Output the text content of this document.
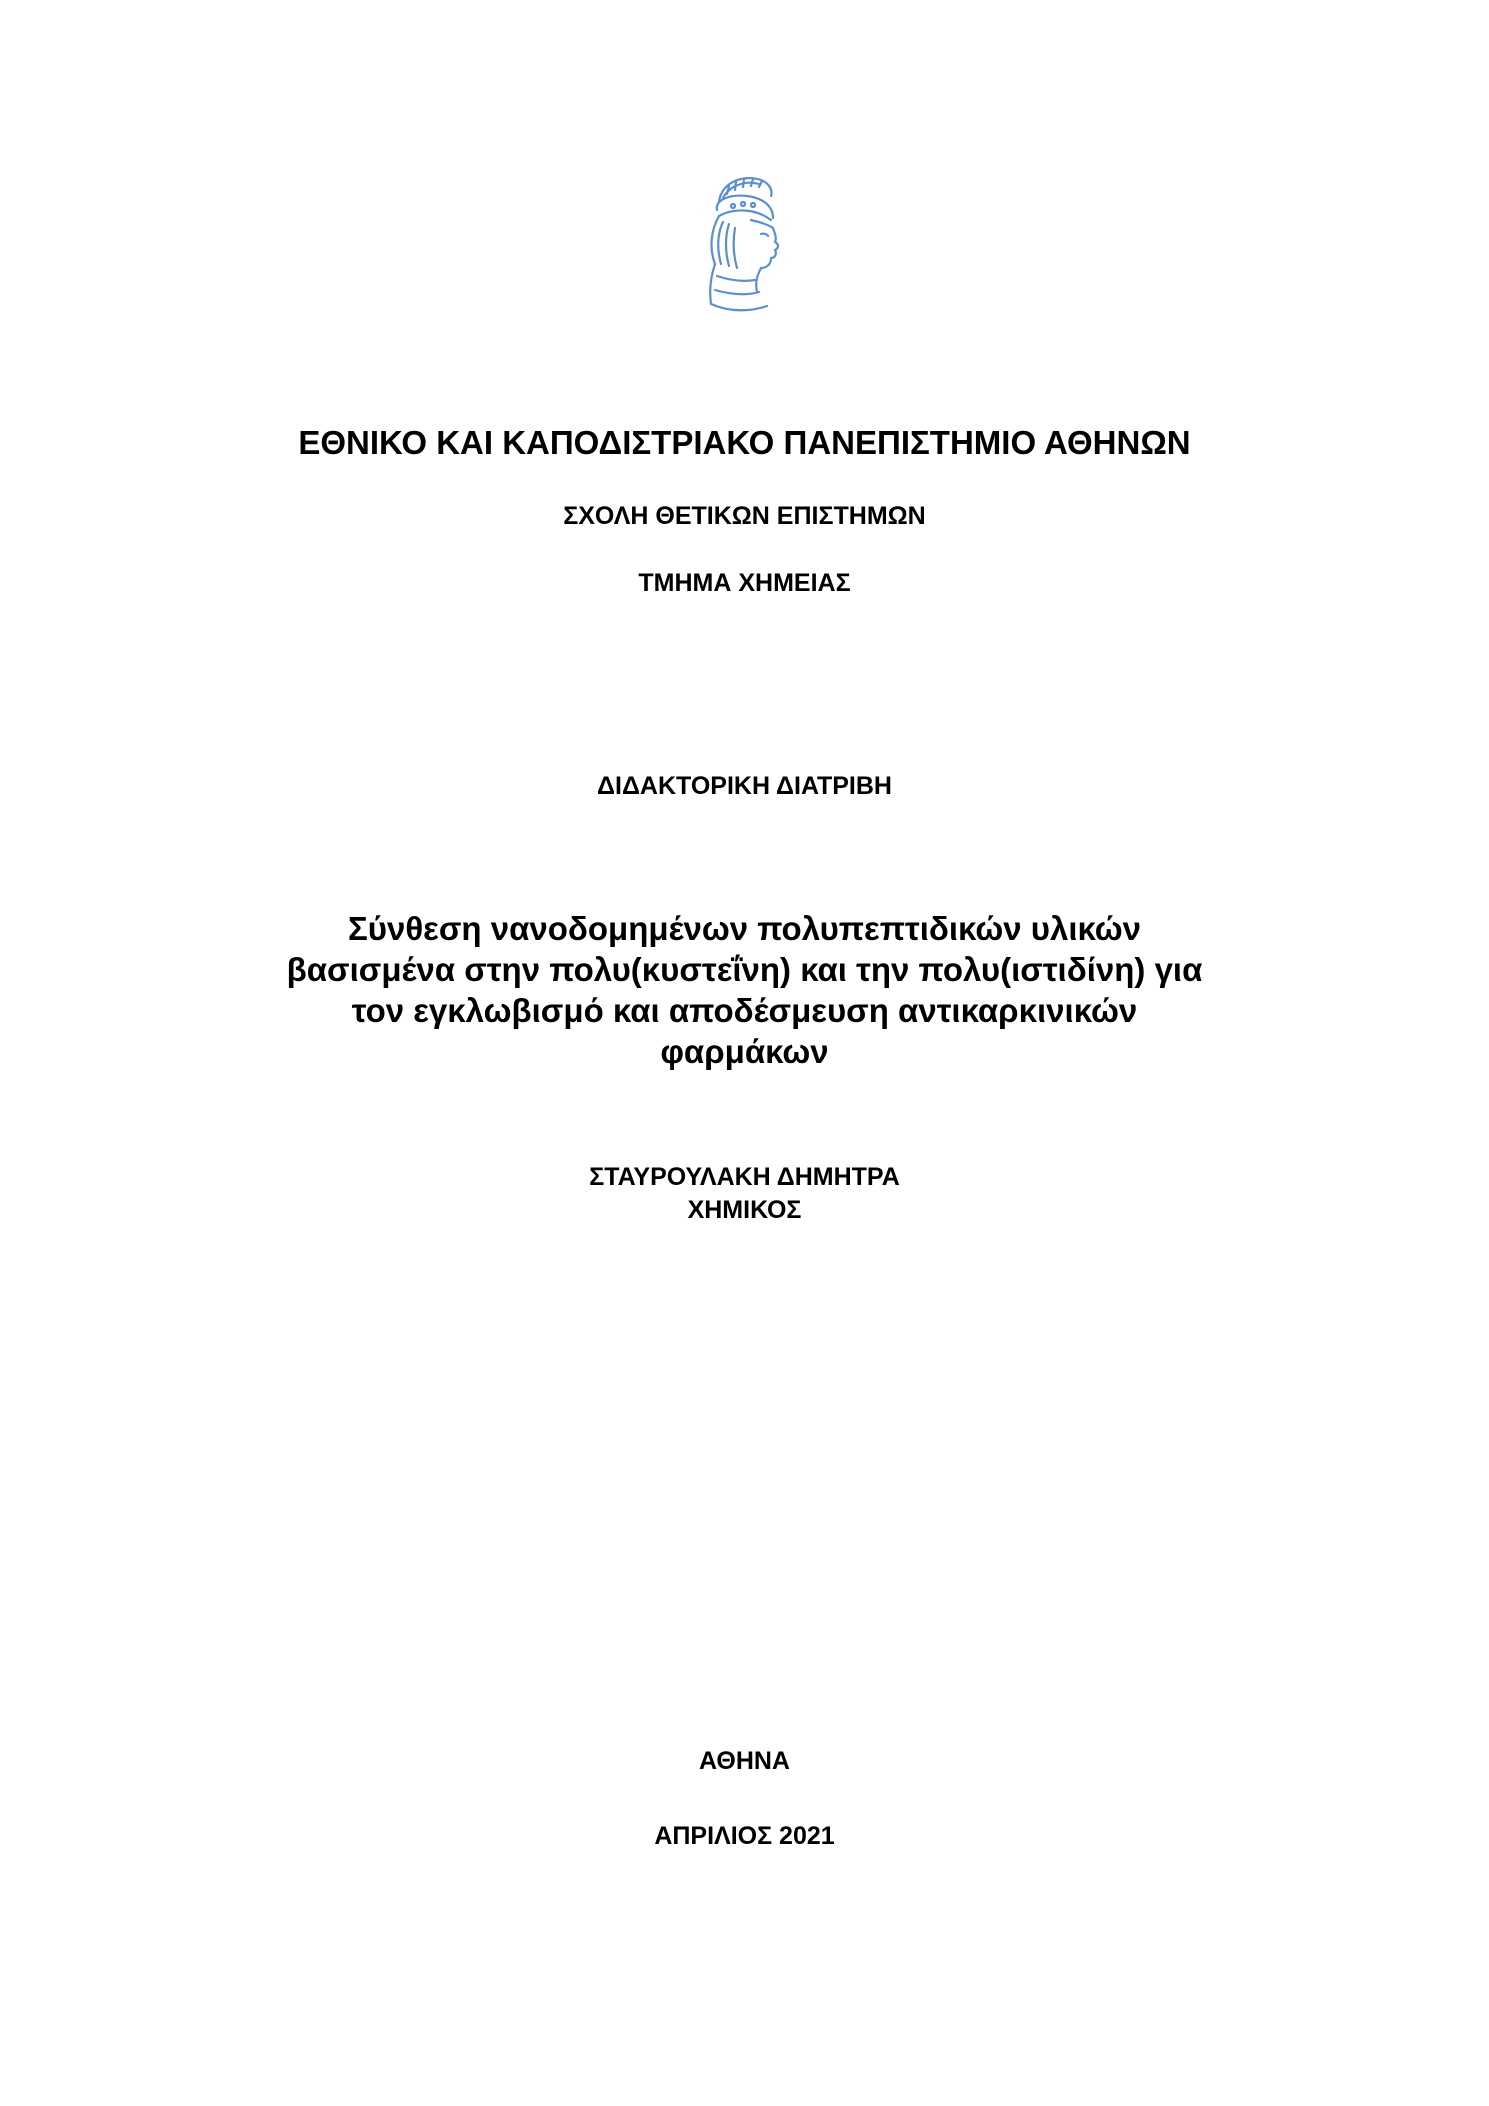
ΕΘΝΙΚΟ ΚΑΙ ΚΑΠΟΔΙΣΤΡΙΑΚΟ ΠΑΝΕΠΙΣΤΗΜΙΟ ΑΘΗΝΩΝ
ΣΧΟΛΗ ΘΕΤΙΚΩΝ ΕΠΙΣΤΗΜΩΝ
ΤΜΗΜΑ ΧΗΜΕΙΑΣ
ΔΙΔΑΚΤΟΡΙΚΗ ΔΙΑΤΡΙΒΗ
Σύνθεση νανοδομημένων πολυπεπτιδικών υλικών
βασισμένα στην πολυ(κυστεΐνη) και την πολυ(ιστιδίνη) για
τον εγκλωβισμό και αποδέσμευση αντικαρκινικών
φαρμάκων
ΣΤΑΥΡΟΥΛΑΚΗ ΔΗΜΗΤΡΑ
ΧΗΜΙΚΟΣ
ΑΘΗΝΑ
ΑΠΡΙΛΙΟΣ 2021
